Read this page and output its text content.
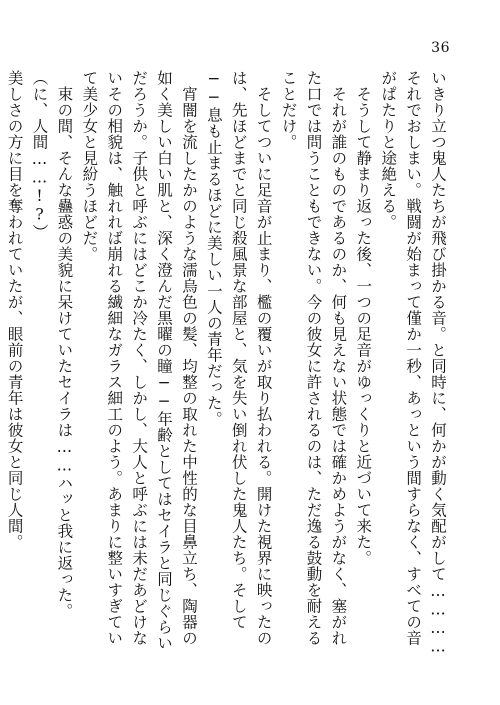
36

いきり立つ鬼人たちが飛び掛かる音。と同時に、何かが動く気配がして…………それでおしまい。戦闘が始まって僅か一秒、あっという間すらなく、すべての音がぱたりと途絶える。

そうして静まり返った後、一つの足音がゆっくりと近づいて来た。

それが誰のものであるのか、何も見えない状態では確かめようがなく、塞がれた口では問うこともできない。今の彼女に許されるのは、ただ逸る鼓動を耐えることだけ。

そしてついに足音が止まり、檻の覆いが取り払われる。開けた視界に映ったのは、先ほどまでと同じ殺風景な部屋と、気を失い倒れ伏した鬼人たち。そして──息も止まるほどに美しい一人の青年だった。

宵闇を流したかのような濡烏色の髪、均整の取れた中性的な目鼻立ち、陶器の如く美しい白い肌と、深く澄んだ黒曜の瞳──年齢としてはセイラと同じぐらいだろうか。子供と呼ぶにはどこか冷たく、しかし、大人と呼ぶには未だあどけないその相貌は、触れれば崩れる繊細なガラス細工のよう。あまりに整いすぎていて美少女と見紛うほどだ。

束の間、そんな蠱惑の美貌に呆けていたセイラは……ハッと我に返った。

（に、人間……!?）

美しさの方に目を奪われていたが、眼前の青年は彼女と同じ人間。
